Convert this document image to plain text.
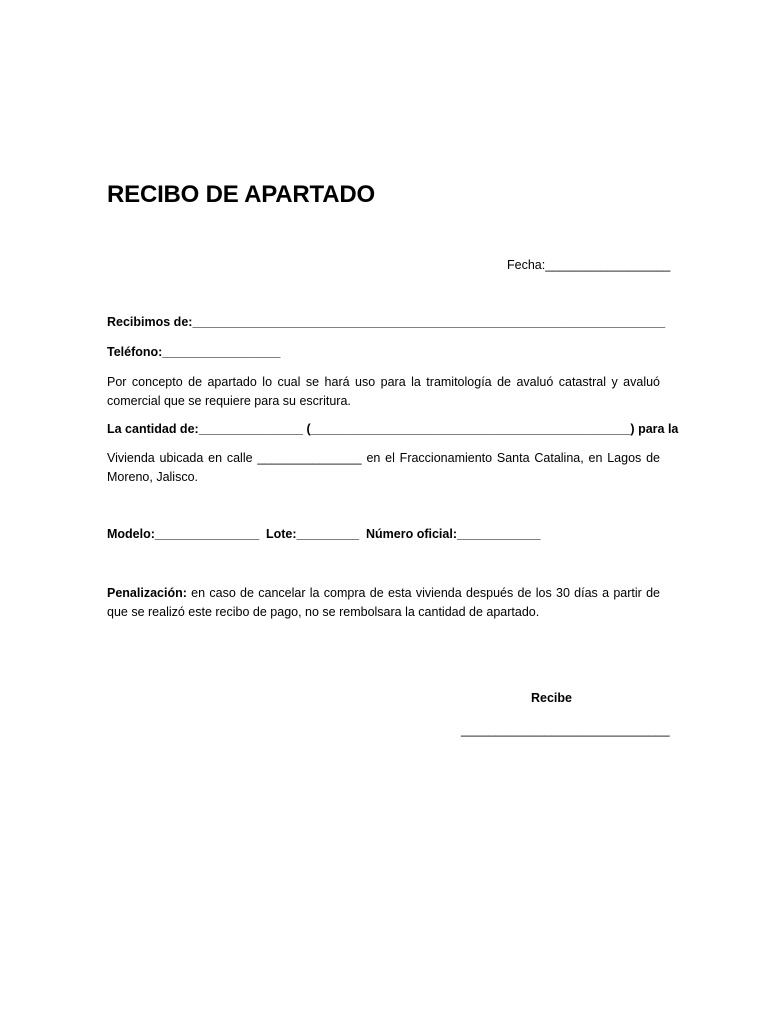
RECIBO DE APARTADO
Fecha:__________________
Recibimos de:____________________________________________________________________
Teléfono:_________________
Por concepto de apartado lo cual se hará uso para la tramitología de avaluó catastral y avaluó comercial que se requiere para su escritura.
La cantidad de:_______________ (______________________________________________) para la
Vivienda ubicada en calle _______________ en el Fraccionamiento Santa Catalina, en Lagos de Moreno, Jalisco.
Modelo:_______________ Lote:_________ Número oficial:____________
Penalización: en caso de cancelar la compra de esta vivienda después de los 30 días a partir de que se realizó este recibo de pago, no se rembolsara la cantidad de apartado.
Recibe
______________________________
